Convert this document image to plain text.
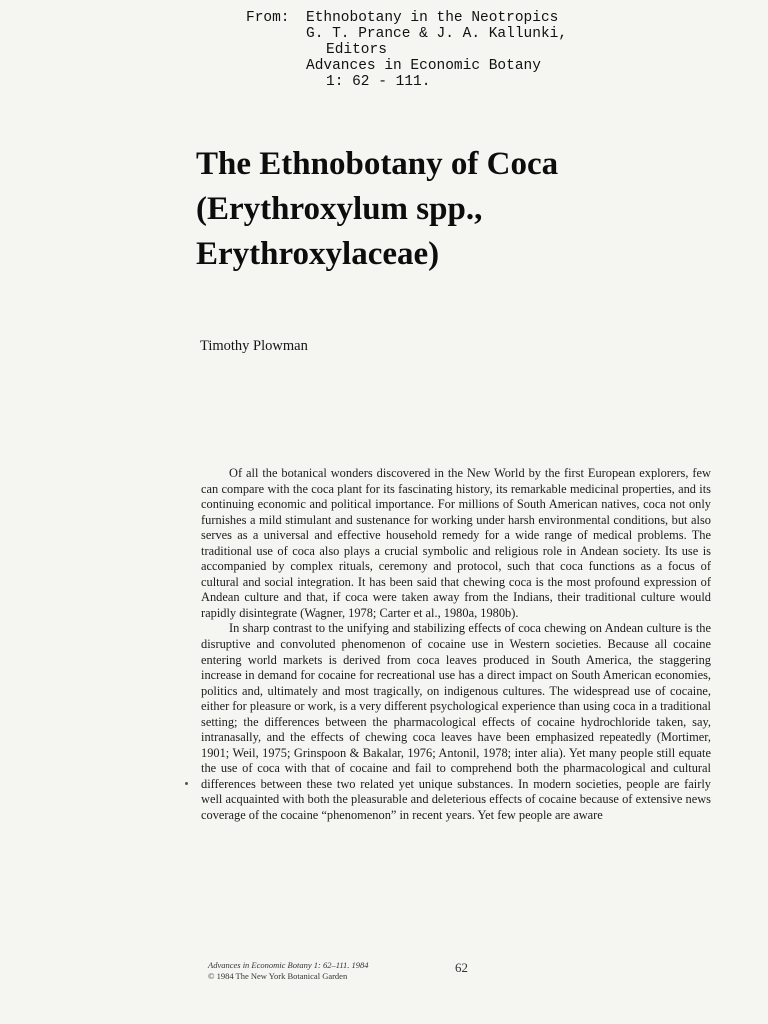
From:	Ethnobotany in the Neotropics
G. T. Prance & J. A. Kallunki,
Editors
Advances in Economic Botany
1: 62 - 111.
The Ethnobotany of Coca
(Erythroxylum spp.,
Erythroxylaceae)
Timothy Plowman

Of all the botanical wonders discovered in the New World by the first European explorers, few can compare with the coca plant for its fascinating history, its remarkable medicinal properties, and its continuing economic and political importance. For millions of South American natives, coca not only furnishes a mild stimulant and sustenance for working under harsh environmental conditions, but also serves as a universal and effective household remedy for a wide range of medical problems. The traditional use of coca also plays a crucial symbolic and religious role in Andean society. Its use is accompanied by complex rituals, ceremony and protocol, such that coca functions as a focus of cultural and social integration. It has been said that chewing coca is the most profound expression of Andean culture and that, if coca were taken away from the Indians, their traditional culture would rapidly disintegrate (Wagner, 1978; Carter et al., 1980a, 1980b).

In sharp contrast to the unifying and stabilizing effects of coca chewing on Andean culture is the disruptive and convoluted phenomenon of cocaine use in Western societies. Because all cocaine entering world markets is derived from coca leaves produced in South America, the staggering increase in demand for cocaine for recreational use has a direct impact on South American economies, politics and, ultimately and most tragically, on indigenous cultures. The widespread use of cocaine, either for pleasure or work, is a very different psychological experience than using coca in a traditional setting; the differences between the pharmacological effects of cocaine hydrochloride taken, say, intranasally, and the effects of chewing coca leaves have been emphasized repeatedly (Mortimer, 1901; Weil, 1975; Grinspoon & Bakalar, 1976; Antonil, 1978; inter alia). Yet many people still equate the use of coca with that of cocaine and fail to comprehend both the pharmacological and cultural differences between these two related yet unique substances. In modern societies, people are fairly well acquainted with both the pleasurable and deleterious effects of cocaine because of extensive news coverage of the cocaine “phenomenon” in recent years. Yet few people are aware

Advances in Economic Botany 1: 62–111. 1984
© 1984 The New York Botanical Garden
62
